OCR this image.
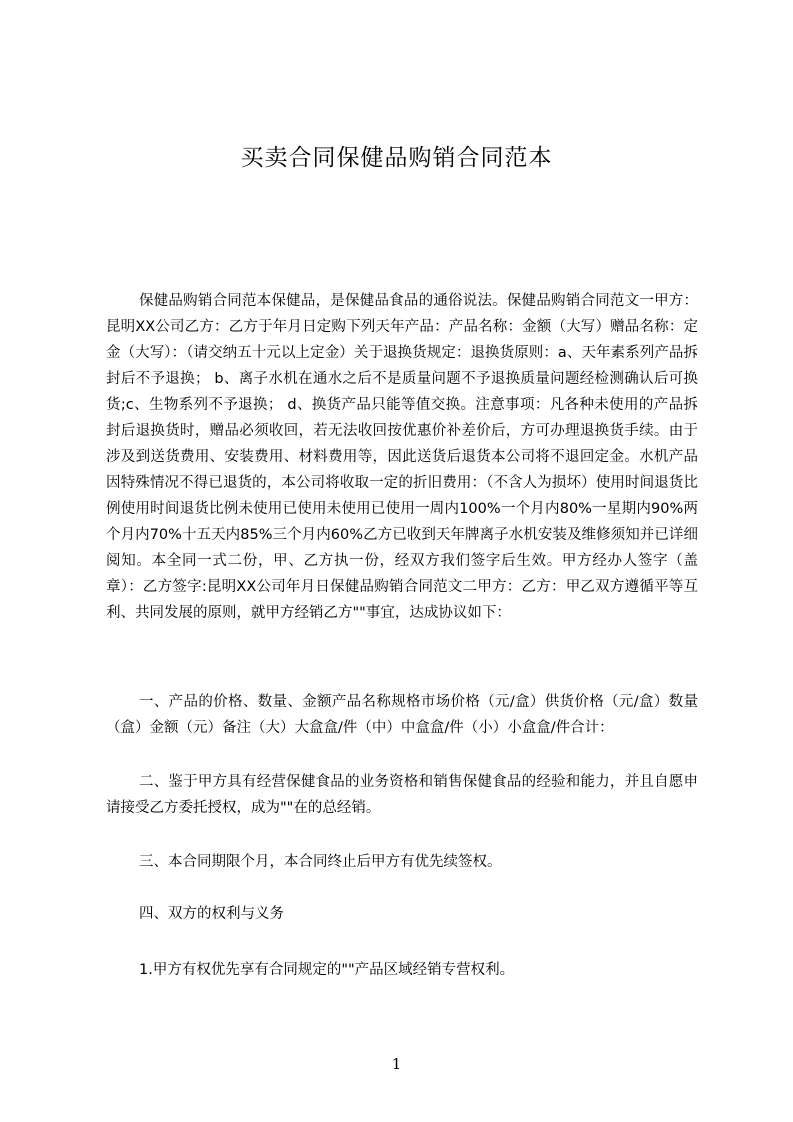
买卖合同保健品购销合同范本
保健品购销合同范本保健品，是保健品食品的通俗说法。保健品购销合同范文一甲方：昆明XX公司乙方：乙方于年月日定购下列天年产品：产品名称：金额（大写）赠品名称：定金（大写）：（请交纳五十元以上定金）关于退换货规定：退换货原则：a、天年素系列产品拆封后不予退换； b、离子水机在通水之后不是质量问题不予退换质量问题经检测确认后可换货;c、生物系列不予退换； d、换货产品只能等值交换。注意事项：凡各种未使用的产品拆封后退换货时，赠品必须收回，若无法收回按优惠价补差价后，方可办理退换货手续。由于涉及到送货费用、安装费用、材料费用等，因此送货后退货本公司将不退回定金。水机产品因特殊情况不得已退货的，本公司将收取一定的折旧费用：（不含人为损坏）使用时间退货比例使用时间退货比例未使用已使用未使用已使用一周内100%一个月内80%一星期内90%两个月内70%十五天内85%三个月内60%乙方已收到天年牌离子水机安装及维修须知并已详细阅知。本全同一式二份，甲、乙方执一份，经双方我们签字后生效。甲方经办人签字（盖章）：乙方签字:昆明XX公司年月日保健品购销合同范文二甲方：乙方：甲乙双方遵循平等互利、共同发展的原则，就甲方经销乙方""事宜，达成协议如下：
一、产品的价格、数量、金额产品名称规格市场价格（元/盒）供货价格（元/盒）数量（盒）金额（元）备注（大）大盒盒/件（中）中盒盒/件（小）小盒盒/件合计：
二、鉴于甲方具有经营保健食品的业务资格和销售保健食品的经验和能力，并且自愿申请接受乙方委托授权，成为""在的总经销。
三、本合同期限个月，本合同终止后甲方有优先续签权。
四、双方的权利与义务
1.甲方有权优先享有合同规定的""产品区域经销专营权利。
1
